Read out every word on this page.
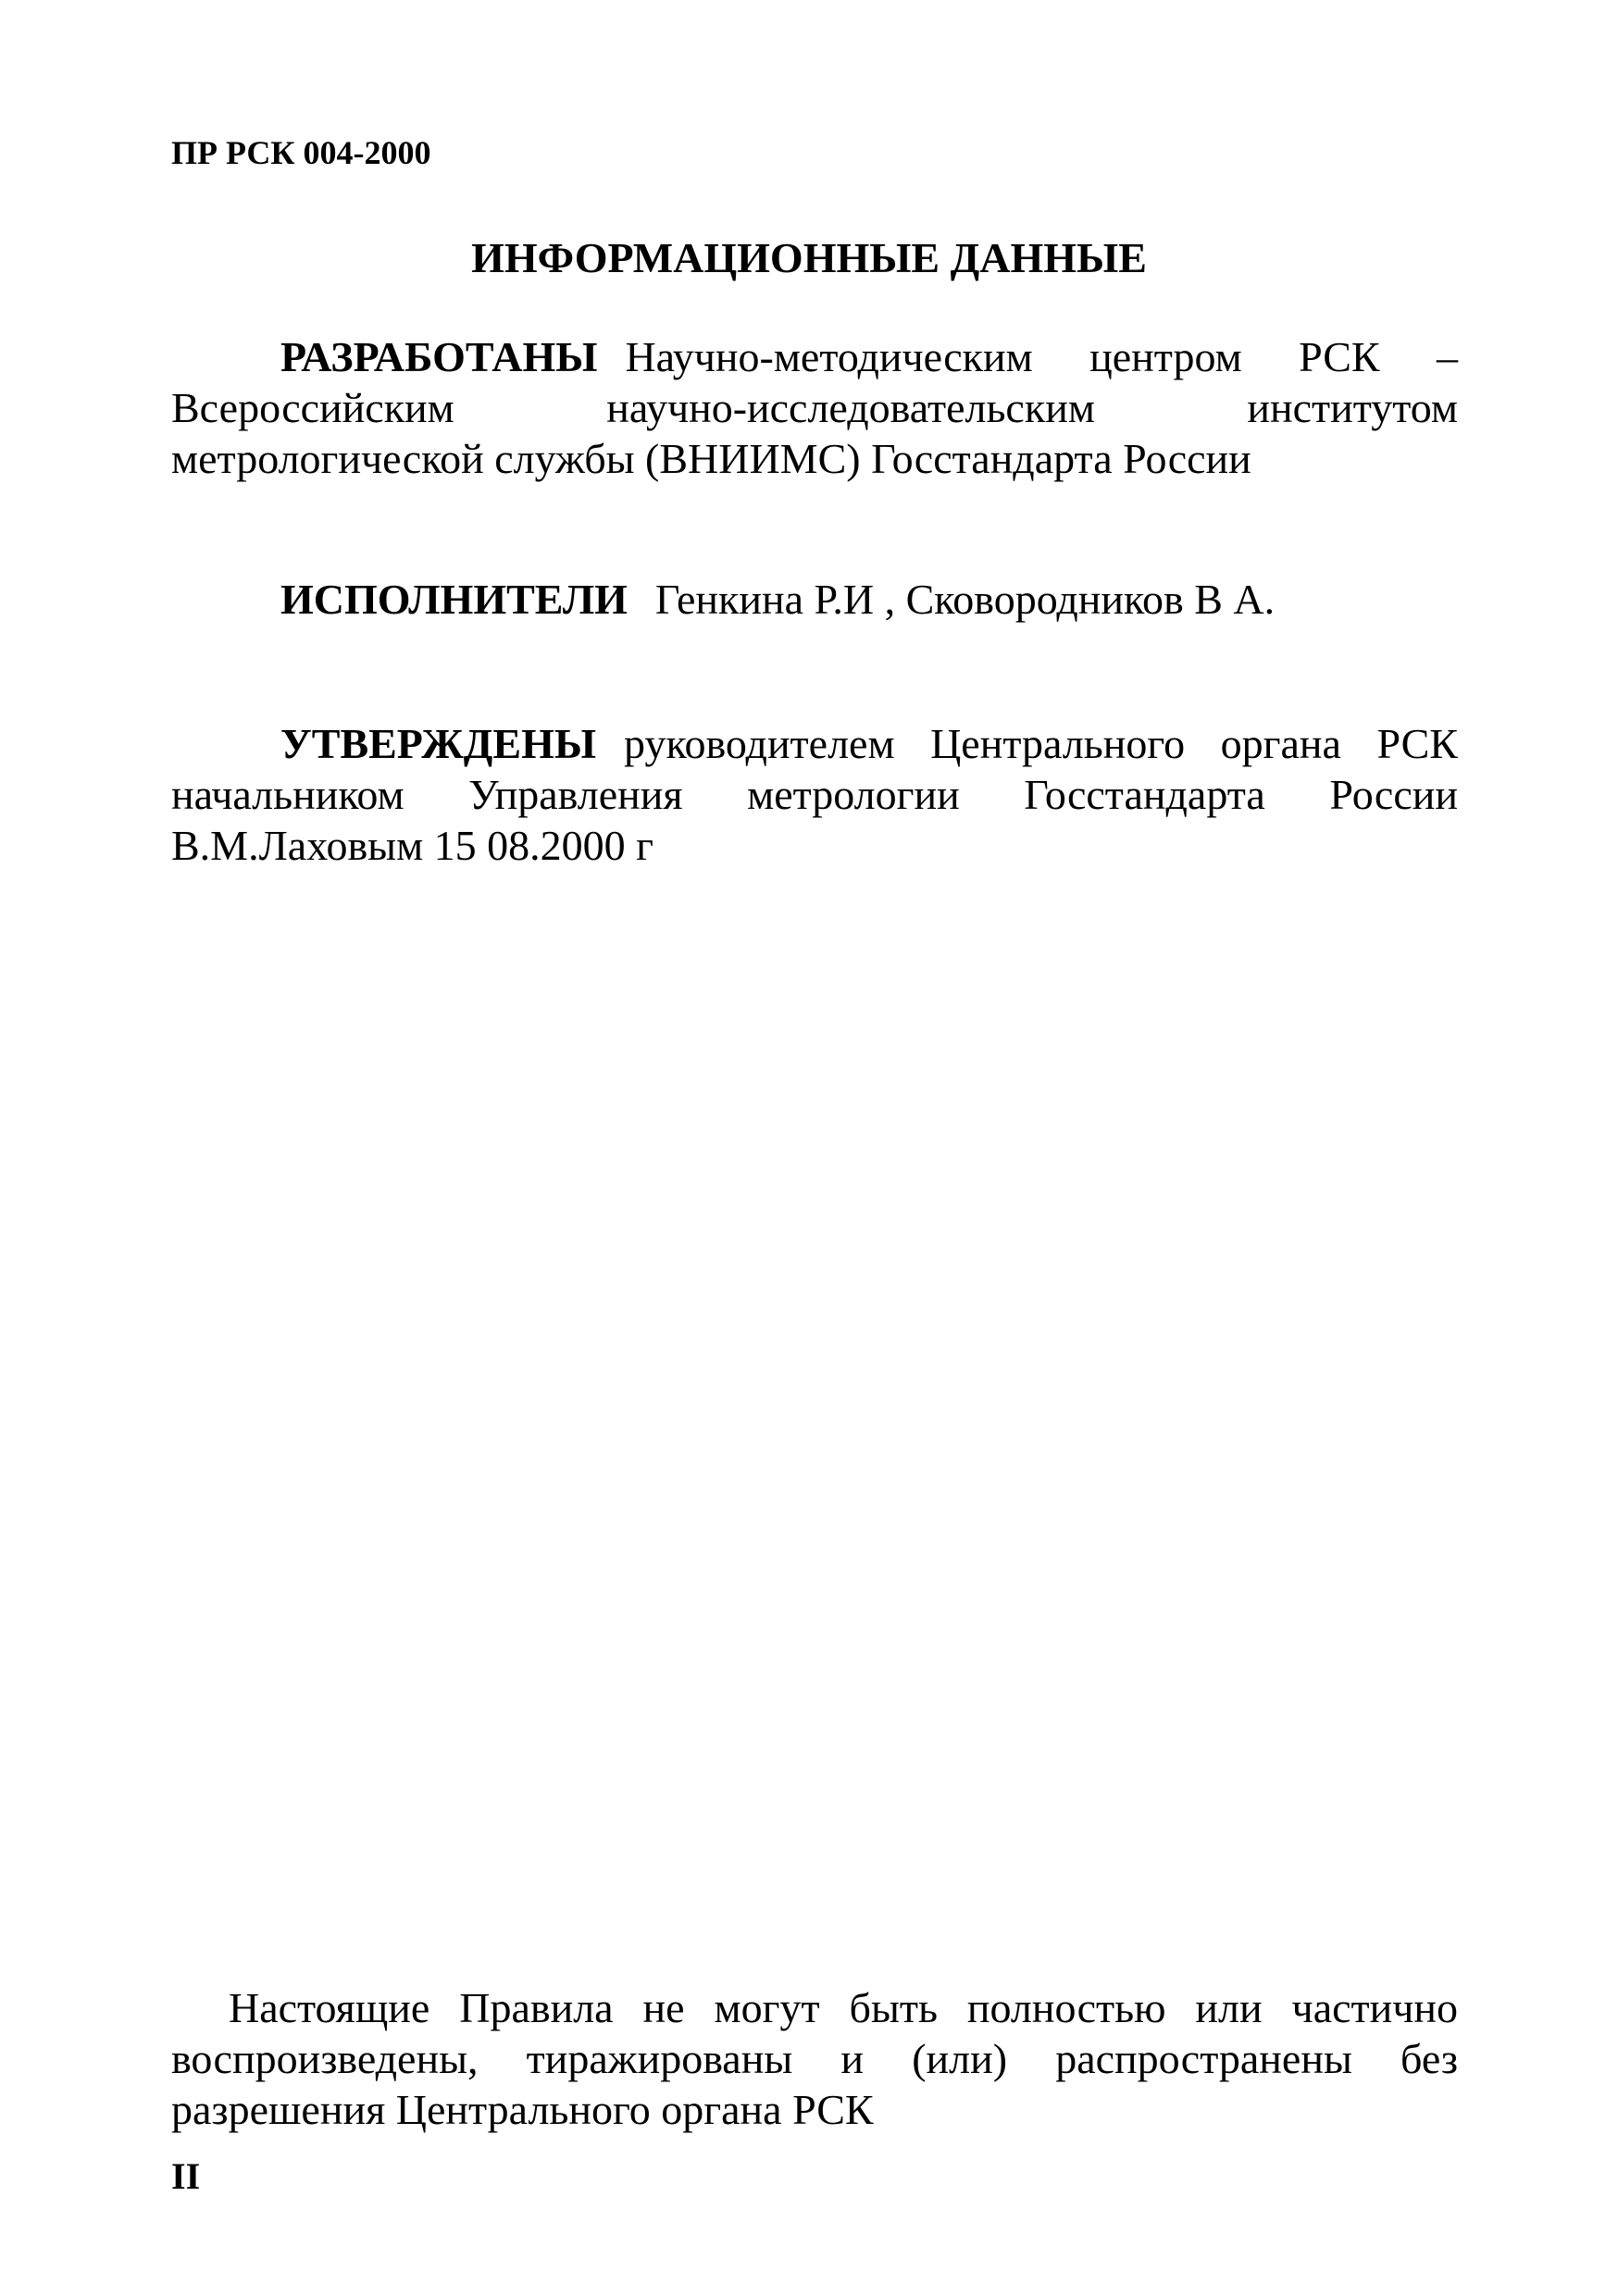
ПР РСК 004-2000
ИНФОРМАЦИОННЫЕ ДАННЫЕ
РАЗРАБОТАНЫ Научно-методическим центром РСК – Всероссийским научно-исследовательским институтом метрологической службы (ВНИИМС) Госстандарта России
ИСПОЛНИТЕЛИ Генкина Р.И , Сковородников В А.
УТВЕРЖДЕНЫ руководителем Центрального органа РСК начальником Управления метрологии Госстандарта России В.М.Лаховым 15 08.2000 г
Настоящие Правила не могут быть полностью или частично воспроизведены, тиражированы и (или) распространены без разрешения Центрального органа РСК
II
